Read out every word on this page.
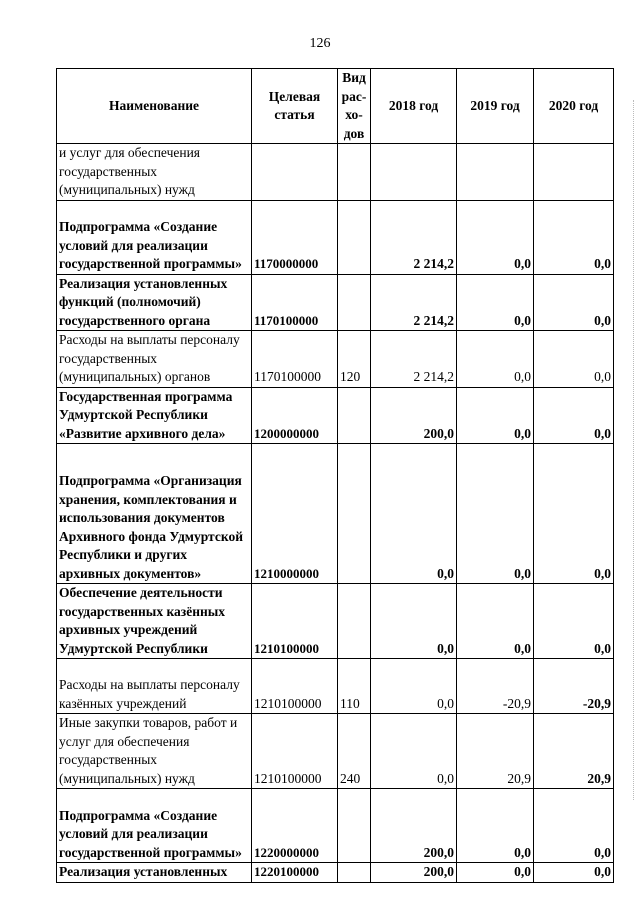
126
Наименование	Целевая статья	Вид рас- хо- дов	2018 год	2019 год	2020 год
и услуг для обеспечения государственных (муниципальных) нужд					
Подпрограмма «Создание условий для реализации государственной программы»	1170000000		2 214,2	0,0	0,0
Реализация установленных функций (полномочий) государственного органа	1170100000		2 214,2	0,0	0,0
Расходы на выплаты персоналу государственных (муниципальных) органов	1170100000	120	2 214,2	0,0	0,0
Государственная программа Удмуртской Республики «Развитие архивного дела»	1200000000		200,0	0,0	0,0
Подпрограмма «Организация хранения, комплектования и использования документов Архивного фонда Удмуртской Республики и других архивных документов»	1210000000		0,0	0,0	0,0
Обеспечение деятельности государственных казённых архивных учреждений Удмуртской Республики	1210100000		0,0	0,0	0,0
Расходы на выплаты персоналу казённых учреждений	1210100000	110	0,0	-20,9	-20,9
Иные закупки товаров, работ и услуг для обеспечения государственных (муниципальных) нужд	1210100000	240	0,0	20,9	20,9
Подпрограмма «Создание условий для реализации государственной программы»	1220000000		200,0	0,0	0,0
Реализация установленных	1220100000		200,0	0,0	0,0
